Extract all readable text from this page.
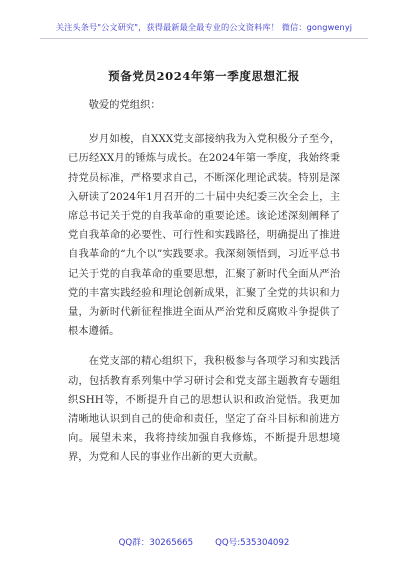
关注头条号"公文研究"，获得最新最全最专业的公文资料库！ 微信：gongwenyj
预备党员2024年第一季度思想汇报

敬爱的党组织：

岁月如梭，自XXX党支部接纳我为入党积极分子至今，已历经XX月的锤炼与成长。在2024年第一季度，我始终秉持党员标准，严格要求自己，不断深化理论武装。特别是深入研读了2024年1月召开的二十届中央纪委三次全会上，主席总书记关于党的自我革命的重要论述。该论述深刻阐释了党自我革命的必要性、可行性和实践路径，明确提出了推进自我革命的“九个以”实践要求。我深刻领悟到，习近平总书记关于党的自我革命的重要思想，汇聚了新时代全面从严治党的丰富实践经验和理论创新成果，汇聚了全党的共识和力量，为新时代新征程推进全面从严治党和反腐败斗争提供了根本遵循。

在党支部的精心组织下，我积极参与各项学习和实践活动，包括教育系列集中学习研讨会和党支部主题教育专题组织SHH等，不断提升自己的思想认识和政治觉悟。我更加清晰地认识到自己的使命和责任，坚定了奋斗目标和前进方向。展望未来，我将持续加强自我修炼，不断提升思想境界，为党和人民的事业作出新的更大贡献。

QQ群：30265665	QQ号:535304092
